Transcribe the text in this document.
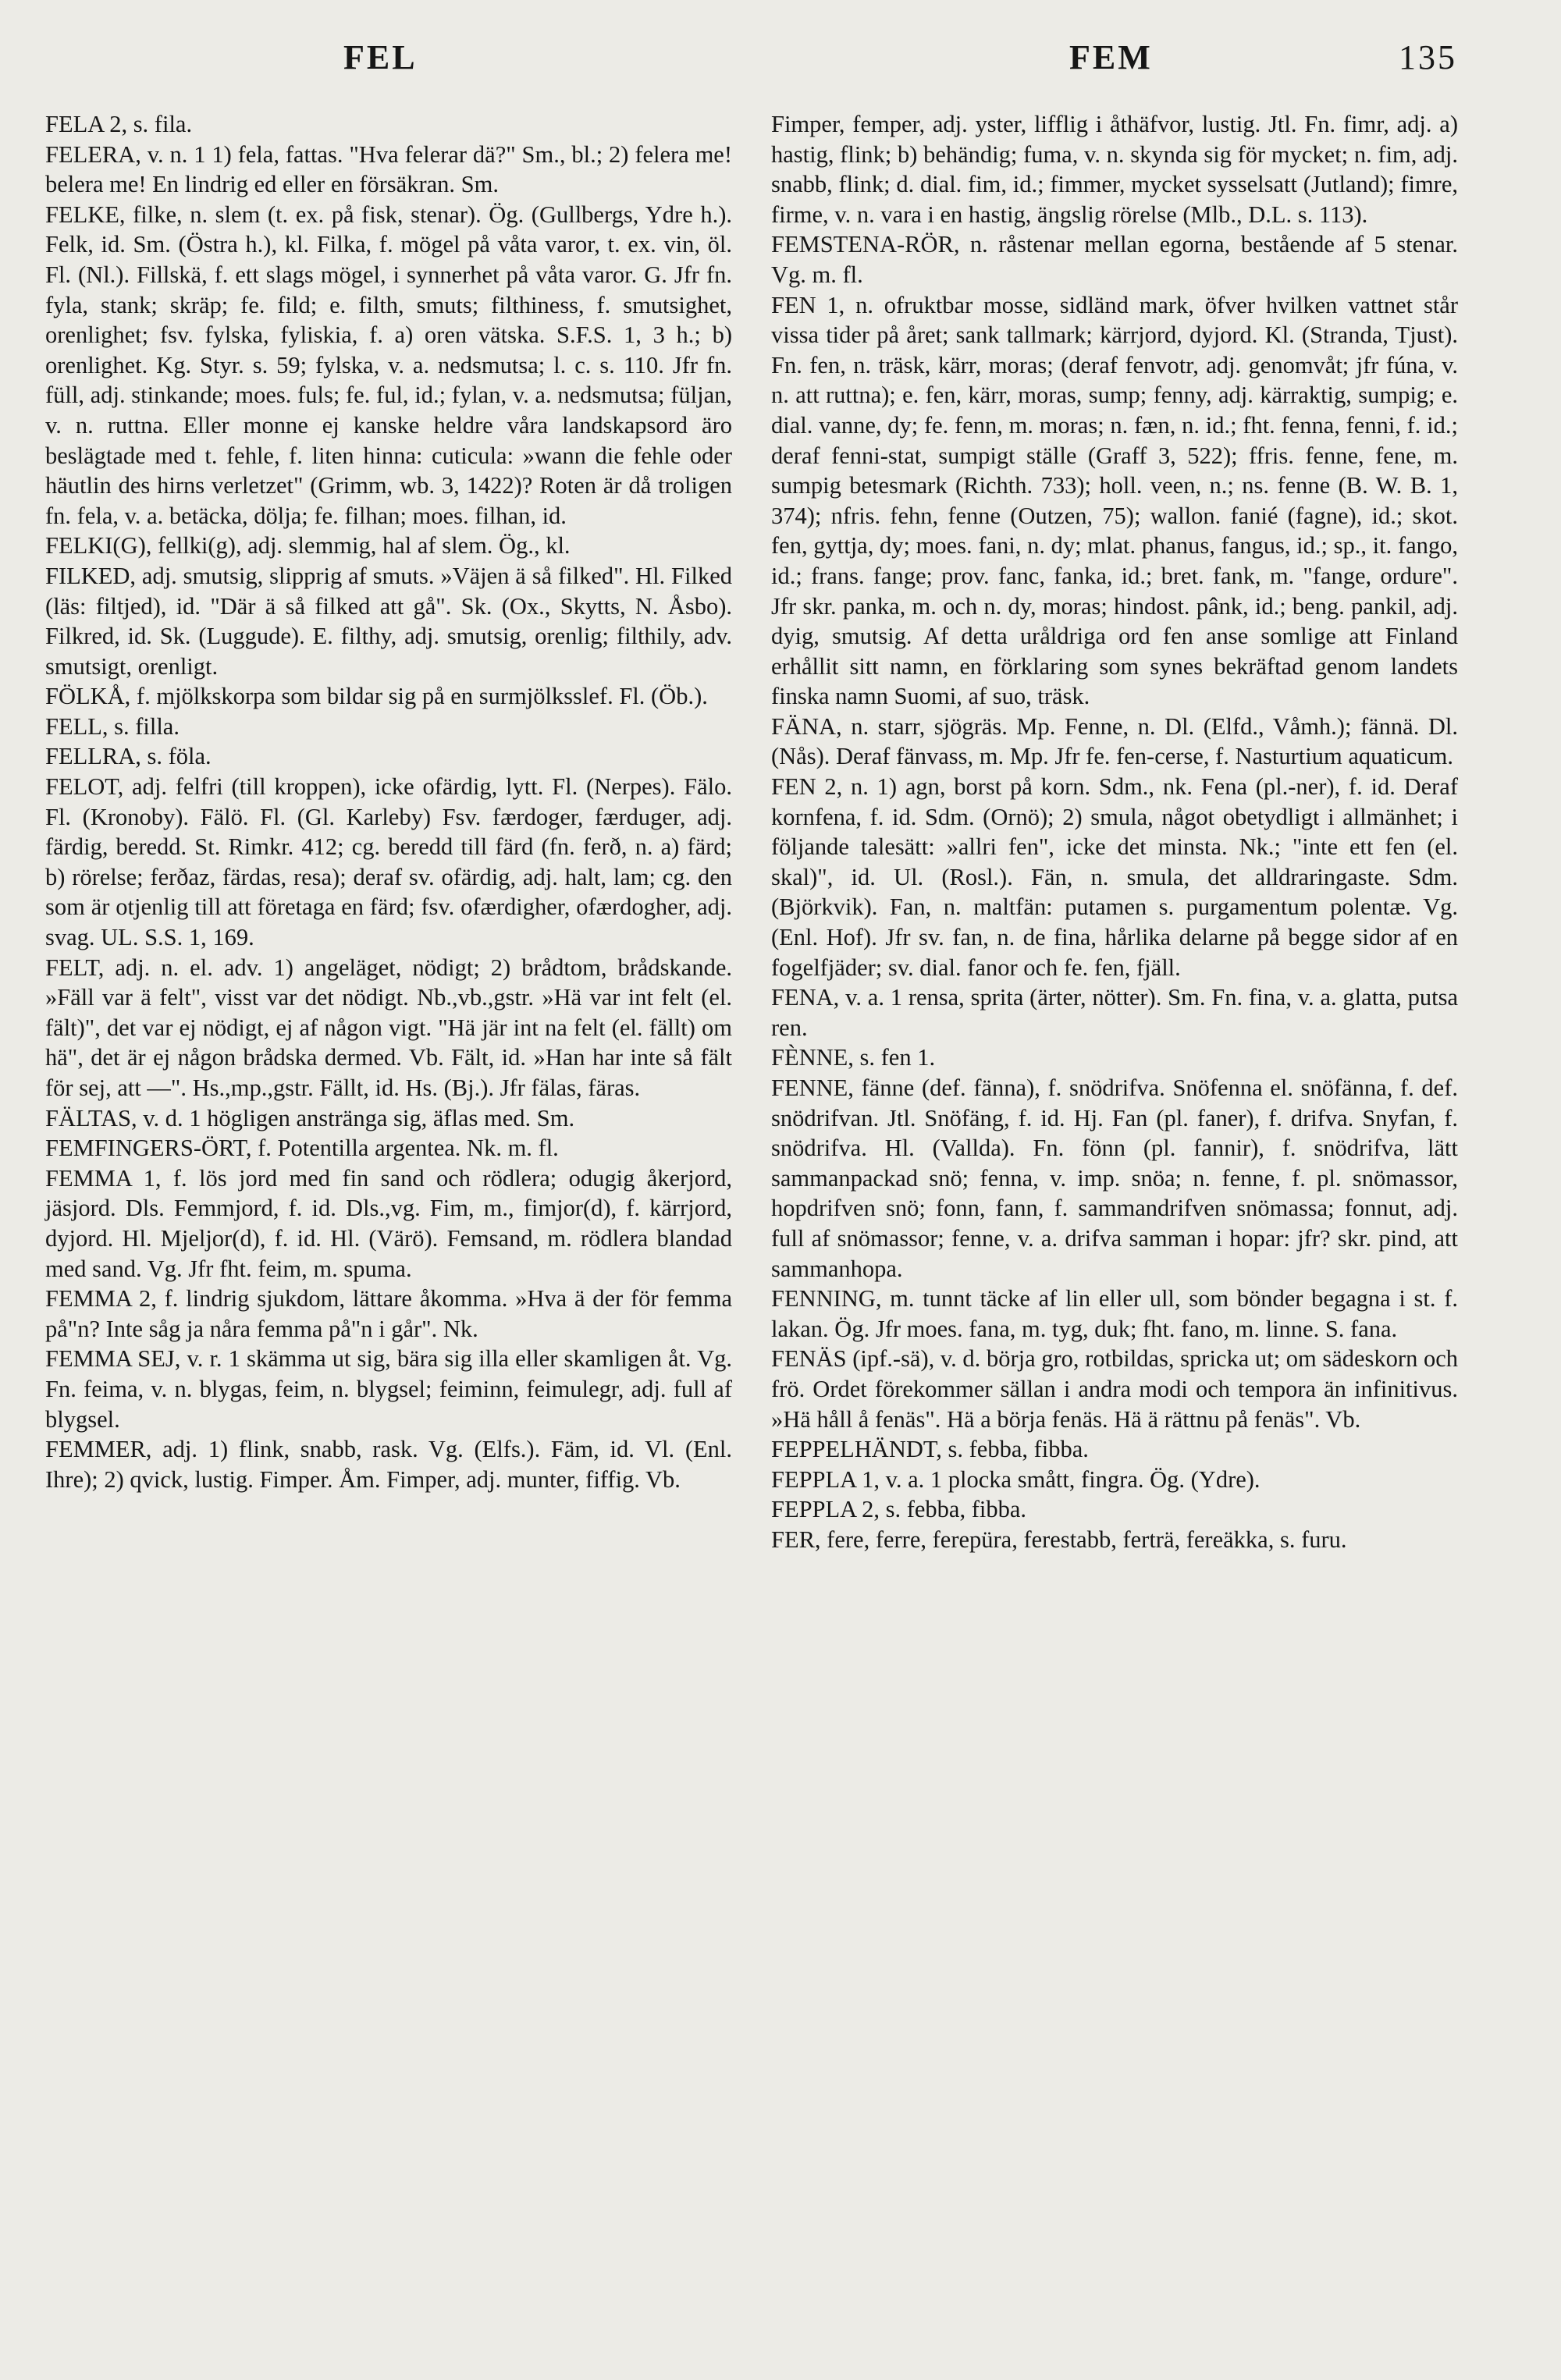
FEL	FEM	135

FELA 2, s. fila.

FELERA, v. n. 1 1) fela, fattas. "Hva felerar dä?" Sm., bl.; 2) felera me! belera me! En lindrig ed eller en försäkran. Sm.

FELKE, filke, n. slem (t. ex. på fisk, stenar). Ög. (Gullbergs, Ydre h.). Felk, id. Sm. (Östra h.), kl. Filka, f. mögel på våta varor, t. ex. vin, öl. Fl. (Nl.). Fillskä, f. ett slags mögel, i synnerhet på våta varor. G. Jfr fn. fyla, stank; skräp; fe. fild; e. filth, smuts; filthiness, f. smutsighet, orenlighet; fsv. fylska, fyliskia, f. a) oren vätska. S.F.S. 1, 3 h.; b) orenlighet. Kg. Styr. s. 59; fylska, v. a. nedsmutsa; l. c. s. 110. Jfr fn. füll, adj. stinkande; moes. fuls; fe. ful, id.; fylan, v. a. nedsmutsa; füljan, v. n. ruttna. Eller monne ej kanske heldre våra landskapsord äro beslägtade med t. fehle, f. liten hinna: cuticula: »wann die fehle oder häutlin des hirns verletzet" (Grimm, wb. 3, 1422)? Roten är då troligen fn. fela, v. a. betäcka, dölja; fe. filhan; moes. filhan, id.

FELKI(G), fellki(g), adj. slemmig, hal af slem. Ög., kl.

FILKED, adj. smutsig, slipprig af smuts. »Väjen ä så filked". Hl. Filked (läs: filtjed), id. "Där ä så filked att gå". Sk. (Ox., Skytts, N. Åsbo). Filkred, id. Sk. (Luggude). E. filthy, adj. smutsig, orenlig; filthily, adv. smutsigt, orenligt.

FÖLKÅ, f. mjölkskorpa som bildar sig på en surmjölksslef. Fl. (Öb.).

FELL, s. filla.

FELLRA, s. föla.

FELOT, adj. felfri (till kroppen), icke ofärdig, lytt. Fl. (Nerpes). Fälo. Fl. (Kronoby). Fälö. Fl. (Gl. Karleby) Fsv. færdoger, færduger, adj. färdig, beredd. St. Rimkr. 412; cg. beredd till färd (fn. ferð, n. a) färd; b) rörelse; ferðaz, färdas, resa); deraf sv. ofärdig, adj. halt, lam; cg. den som är otjenlig till att företaga en färd; fsv. ofærdigher, ofærdogher, adj. svag. UL. S.S. 1, 169.

FELT, adj. n. el. adv. 1) angeläget, nödigt; 2) brådtom, brådskande. »Fäll var ä felt", visst var det nödigt. Nb.,vb.,gstr. »Hä var int felt (el. fält)", det var ej nödigt, ej af någon vigt. "Hä jär int na felt (el. fällt) om hä", det är ej någon brådska dermed. Vb. Fält, id. »Han har inte så fält för sej, att —". Hs.,mp.,gstr. Fällt, id. Hs. (Bj.). Jfr fälas, färas.

FÄLTAS, v. d. 1 högligen anstränga sig, äflas med. Sm.

FEMFINGERS-ÖRT, f. Potentilla argentea. Nk. m. fl.

FEMMA 1, f. lös jord med fin sand och rödlera; odugig åkerjord, jäsjord. Dls. Femmjord, f. id. Dls.,vg. Fim, m., fimjor(d), f. kärrjord, dyjord. Hl. Mjeljor(d), f. id. Hl. (Värö). Femsand, m. rödlera blandad med sand. Vg. Jfr fht. feim, m. spuma.

FEMMA 2, f. lindrig sjukdom, lättare åkomma. »Hva ä der för femma på"n? Inte såg ja nåra femma på"n i går". Nk.

FEMMA SEJ, v. r. 1 skämma ut sig, bära sig illa eller skamligen åt. Vg. Fn. feima, v. n. blygas, feim, n. blygsel; feiminn, feimulegr, adj. full af blygsel.

FEMMER, adj. 1) flink, snabb, rask. Vg. (Elfs.). Fäm, id. Vl. (Enl. Ihre); 2) qvick, lustig. Fimper. Åm. Fimper, adj. munter, fiffig. Vb.

Fimper, femper, adj. yster, lifflig i åthäfvor, lustig. Jtl. Fn. fimr, adj. a) hastig, flink; b) behändig; fuma, v. n. skynda sig för mycket; n. fim, adj. snabb, flink; d. dial. fim, id.; fimmer, mycket sysselsatt (Jutland); fimre, firme, v. n. vara i en hastig, ängslig rörelse (Mlb., D.L. s. 113).

FEMSTENA-RÖR, n. råstenar mellan egorna, bestående af 5 stenar. Vg. m. fl.

FEN 1, n. ofruktbar mosse, sidländ mark, öfver hvilken vattnet står vissa tider på året; sank tallmark; kärrjord, dyjord. Kl. (Stranda, Tjust). Fn. fen, n. träsk, kärr, moras; (deraf fenvotr, adj. genomvåt; jfr fúna, v. n. att ruttna); e. fen, kärr, moras, sump; fenny, adj. kärraktig, sumpig; e. dial. vanne, dy; fe. fenn, m. moras; n. fæn, n. id.; fht. fenna, fenni, f. id.; deraf fenni-stat, sumpigt ställe (Graff 3, 522); ffris. fenne, fene, m. sumpig betesmark (Richth. 733); holl. veen, n.; ns. fenne (B. W. B. 1, 374); nfris. fehn, fenne (Outzen, 75); wallon. fanié (fagne), id.; skot. fen, gyttja, dy; moes. fani, n. dy; mlat. phanus, fangus, id.; sp., it. fango, id.; frans. fange; prov. fanc, fanka, id.; bret. fank, m. "fange, ordure". Jfr skr. panka, m. och n. dy, moras; hindost. pânk, id.; beng. pankil, adj. dyig, smutsig. Af detta uråldriga ord fen anse somlige att Finland erhållit sitt namn, en förklaring som synes bekräftad genom landets finska namn Suomi, af suo, träsk.

FÄNA, n. starr, sjögräs. Mp. Fenne, n. Dl. (Elfd., Våmh.); fännä. Dl. (Nås). Deraf fänvass, m. Mp. Jfr fe. fen-cerse, f. Nasturtium aquaticum.

FEN 2, n. 1) agn, borst på korn. Sdm., nk. Fena (pl.-ner), f. id. Deraf kornfena, f. id. Sdm. (Ornö); 2) smula, något obetydligt i allmänhet; i följande talesätt: »allri fen", icke det minsta. Nk.; "inte ett fen (el. skal)", id. Ul. (Rosl.). Fän, n. smula, det alldraringaste. Sdm. (Björkvik). Fan, n. maltfän: putamen s. purgamentum polentæ. Vg. (Enl. Hof). Jfr sv. fan, n. de fina, hårlika delarne på begge sidor af en fogelfjäder; sv. dial. fanor och fe. fen, fjäll.

FENA, v. a. 1 rensa, sprita (ärter, nötter). Sm. Fn. fina, v. a. glatta, putsa ren.

FÈNNE, s. fen 1.

FENNE, fänne (def. fänna), f. snödrifva. Snöfenna el. snöfänna, f. def. snödrifvan. Jtl. Snöfäng, f. id. Hj. Fan (pl. faner), f. drifva. Snyfan, f. snödrifva. Hl. (Vallda). Fn. fönn (pl. fannir), f. snödrifva, lätt sammanpackad snö; fenna, v. imp. snöa; n. fenne, f. pl. snömassor, hopdrifven snö; fonn, fann, f. sammandrifven snömassa; fonnut, adj. full af snömassor; fenne, v. a. drifva samman i hopar: jfr? skr. pind, att sammanhopa.

FENNING, m. tunnt täcke af lin eller ull, som bönder begagna i st. f. lakan. Ög. Jfr moes. fana, m. tyg, duk; fht. fano, m. linne. S. fana.

FENÄS (ipf.-sä), v. d. börja gro, rotbildas, spricka ut; om sädeskorn och frö. Ordet förekommer sällan i andra modi och tempora än infinitivus. »Hä håll å fenäs". Hä a börja fenäs. Hä ä rättnu på fenäs". Vb.

FEPPELHÄNDT, s. febba, fibba.

FEPPLA 1, v. a. 1 plocka smått, fingra. Ög. (Ydre).

FEPPLA 2, s. febba, fibba.

FER, fere, ferre, ferepüra, ferestabb, ferträ, fereäkka, s. furu.
